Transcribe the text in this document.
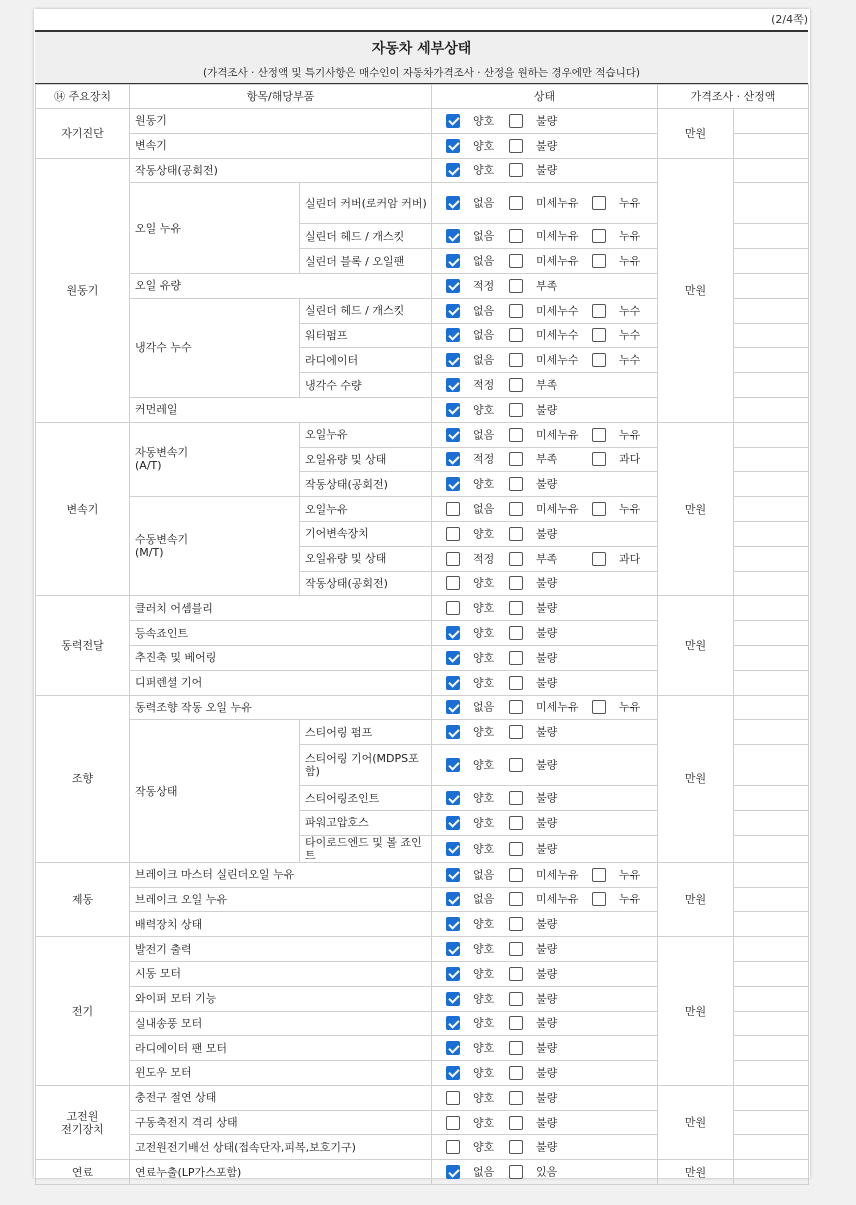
(2/4쪽)
자동차 세부상태
(가격조사 · 산정액 및 특기사항은 매수인이 자동차가격조사 · 산정을 원하는 경우에만 적습니다)
⑭ 주요장치	항목/해당부품		상태	가격조사 · 산정액	
자기진단	원동기		양호 불량	만원	
	변속기		양호 불량		
원동기	작동상태(공회전)		양호 불량	만원	
	오일 누유	실린더 커버(로커암 커버)	없음 미세누유 누유		
		실린더 헤드 / 개스킷	없음 미세누유 누유		
		실린더 블록 / 오일팬	없음 미세누유 누유		
	오일 유량		적정 부족		
	냉각수 누수	실린더 헤드 / 개스킷	없음 미세누수 누수		
		워터펌프	없음 미세누수 누수		
		라디에이터	없음 미세누수 누수		
		냉각수 수량	적정 부족		
	커먼레일		양호 불량		
변속기	자동변속기
(A/T)	오일누유	없음 미세누유 누유	만원	
		오일유량 및 상태	적정 부족 과다		
		작동상태(공회전)	양호 불량		
	수동변속기
(M/T)	오일누유	없음 미세누유 누유		
		기어변속장치	양호 불량		
		오일유량 및 상태	적정 부족 과다		
		작동상태(공회전)	양호 불량		
동력전달	클러치 어셈블리		양호 불량	만원	
	등속죠인트		양호 불량		
	추진축 및 베어링		양호 불량		
	디퍼렌셜 기어		양호 불량		
조향	동력조향 작동 오일 누유		없음 미세누유 누유	만원	
	작동상태	스티어링 펌프	양호 불량		
		스티어링 기어(MDPS포함)	양호 불량		
		스티어링조인트	양호 불량		
		파워고압호스	양호 불량		
		타이로드엔드 및 볼 죠인트	양호 불량		
제동	브레이크 마스터 실린더오일 누유		없음 미세누유 누유	만원	
	브레이크 오일 누유		없음 미세누유 누유		
	배력장치 상태		양호 불량		
전기	발전기 출력		양호 불량	만원	
	시동 모터		양호 불량		
	와이퍼 모터 기능		양호 불량		
	실내송풍 모터		양호 불량		
	라디에이터 팬 모터		양호 불량		
	윈도우 모터		양호 불량		
고전원
전기장치	충전구 절연 상태		양호 불량	만원	
	구동축전지 격리 상태		양호 불량		
	고전원전기배선 상태(접속단자,피복,보호기구)		양호 불량		
연료	연료누출(LP가스포함)		없음 있음	만원	
